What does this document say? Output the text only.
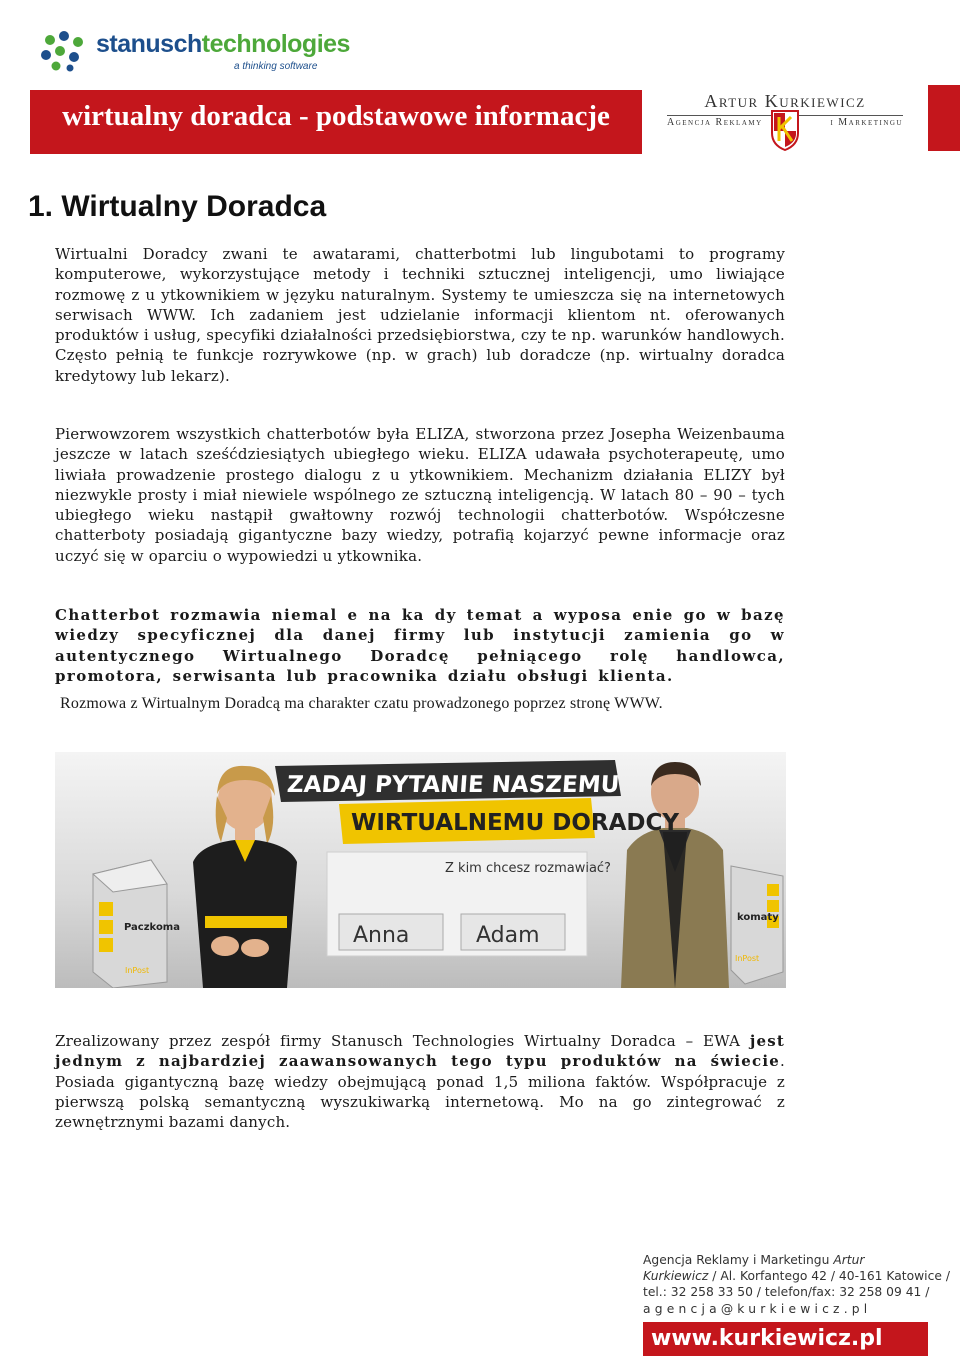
stanuschtechnologies
a thinking software
wirtualny doradca - podstawowe informacje	Artur Kurkiewicz
Agencja Reklamy	i Marketingu
1. Wirtualny Doradca
Wirtualni Doradcy zwani te awatarami, chatterbotmi lub lingubotami to programy komputerowe, wykorzystujące metody i techniki sztucznej inteligencji, umo liwiające rozmowę z u ytkownikiem w języku naturalnym. Systemy te umieszcza się na internetowych serwisach WWW. Ich zadaniem jest udzielanie informacji klientom nt. oferowanych produktów i usług, specyfiki działalności przedsiębiorstwa, czy te np. warunków handlowych. Często pełnią te funkcje rozrywkowe (np. w grach) lub doradcze (np. wirtualny doradca kredytowy lub lekarz).
Pierwowzorem wszystkich chatterbotów była ELIZA, stworzona przez Josepha Weizenbauma jeszcze w latach sześćdziesiątych ubiegłego wieku. ELIZA udawała psychoterapeutę, umo liwiała prowadzenie prostego dialogu z u ytkownikiem. Mechanizm działania ELIZY był niezwykle prosty i miał niewiele wspólnego ze sztuczną inteligencją. W latach 80 – 90 – tych ubiegłego wieku nastąpił gwałtowny rozwój technologii chatterbotów. Współczesne chatterboty posiadają gigantyczne bazy wiedzy, potrafią kojarzyć pewne informacje oraz uczyć się w oparciu o wypowiedzi u ytkownika.
Chatterbot rozmawia niemal e na ka dy temat a wyposa enie go w bazę wiedzy specyficznej dla danej firmy lub instytucji zamienia go w autentycznego Wirtualnego Doradcę pełniącego rolę handlowca, promotora, serwisanta lub pracownika działu obsługi klienta.
Rozmowa z Wirtualnym Doradcą ma charakter czatu prowadzonego poprzez stronę WWW.
ZADAJ PYTANIE NASZEMU
WIRTUALNEMU DORADCY
Z kim chcesz rozmawiać?
Anna	Adam
Paczkoma
komaty
InPost
InPost
Zrealizowany przez zespół firmy Stanusch Technologies Wirtualny Doradca – EWA jest jednym z najbardziej zaawansowanych tego typu produktów na świecie. Posiada gigantyczną bazę wiedzy obejmującą ponad 1,5 miliona faktów. Współpracuje z pierwszą polską semantyczną wyszukiwarką internetową. Mo na go zintegrować z zewnętrznymi bazami danych.
Agencja Reklamy i Marketingu Artur
Kurkiewicz / Al. Korfantego 42 / 40-161 Katowice /
tel.: 32 258 33 50 / telefon/fax: 32 258 09 41 /
agencja@kurkiewicz.pl
www.kurkiewicz.pl
